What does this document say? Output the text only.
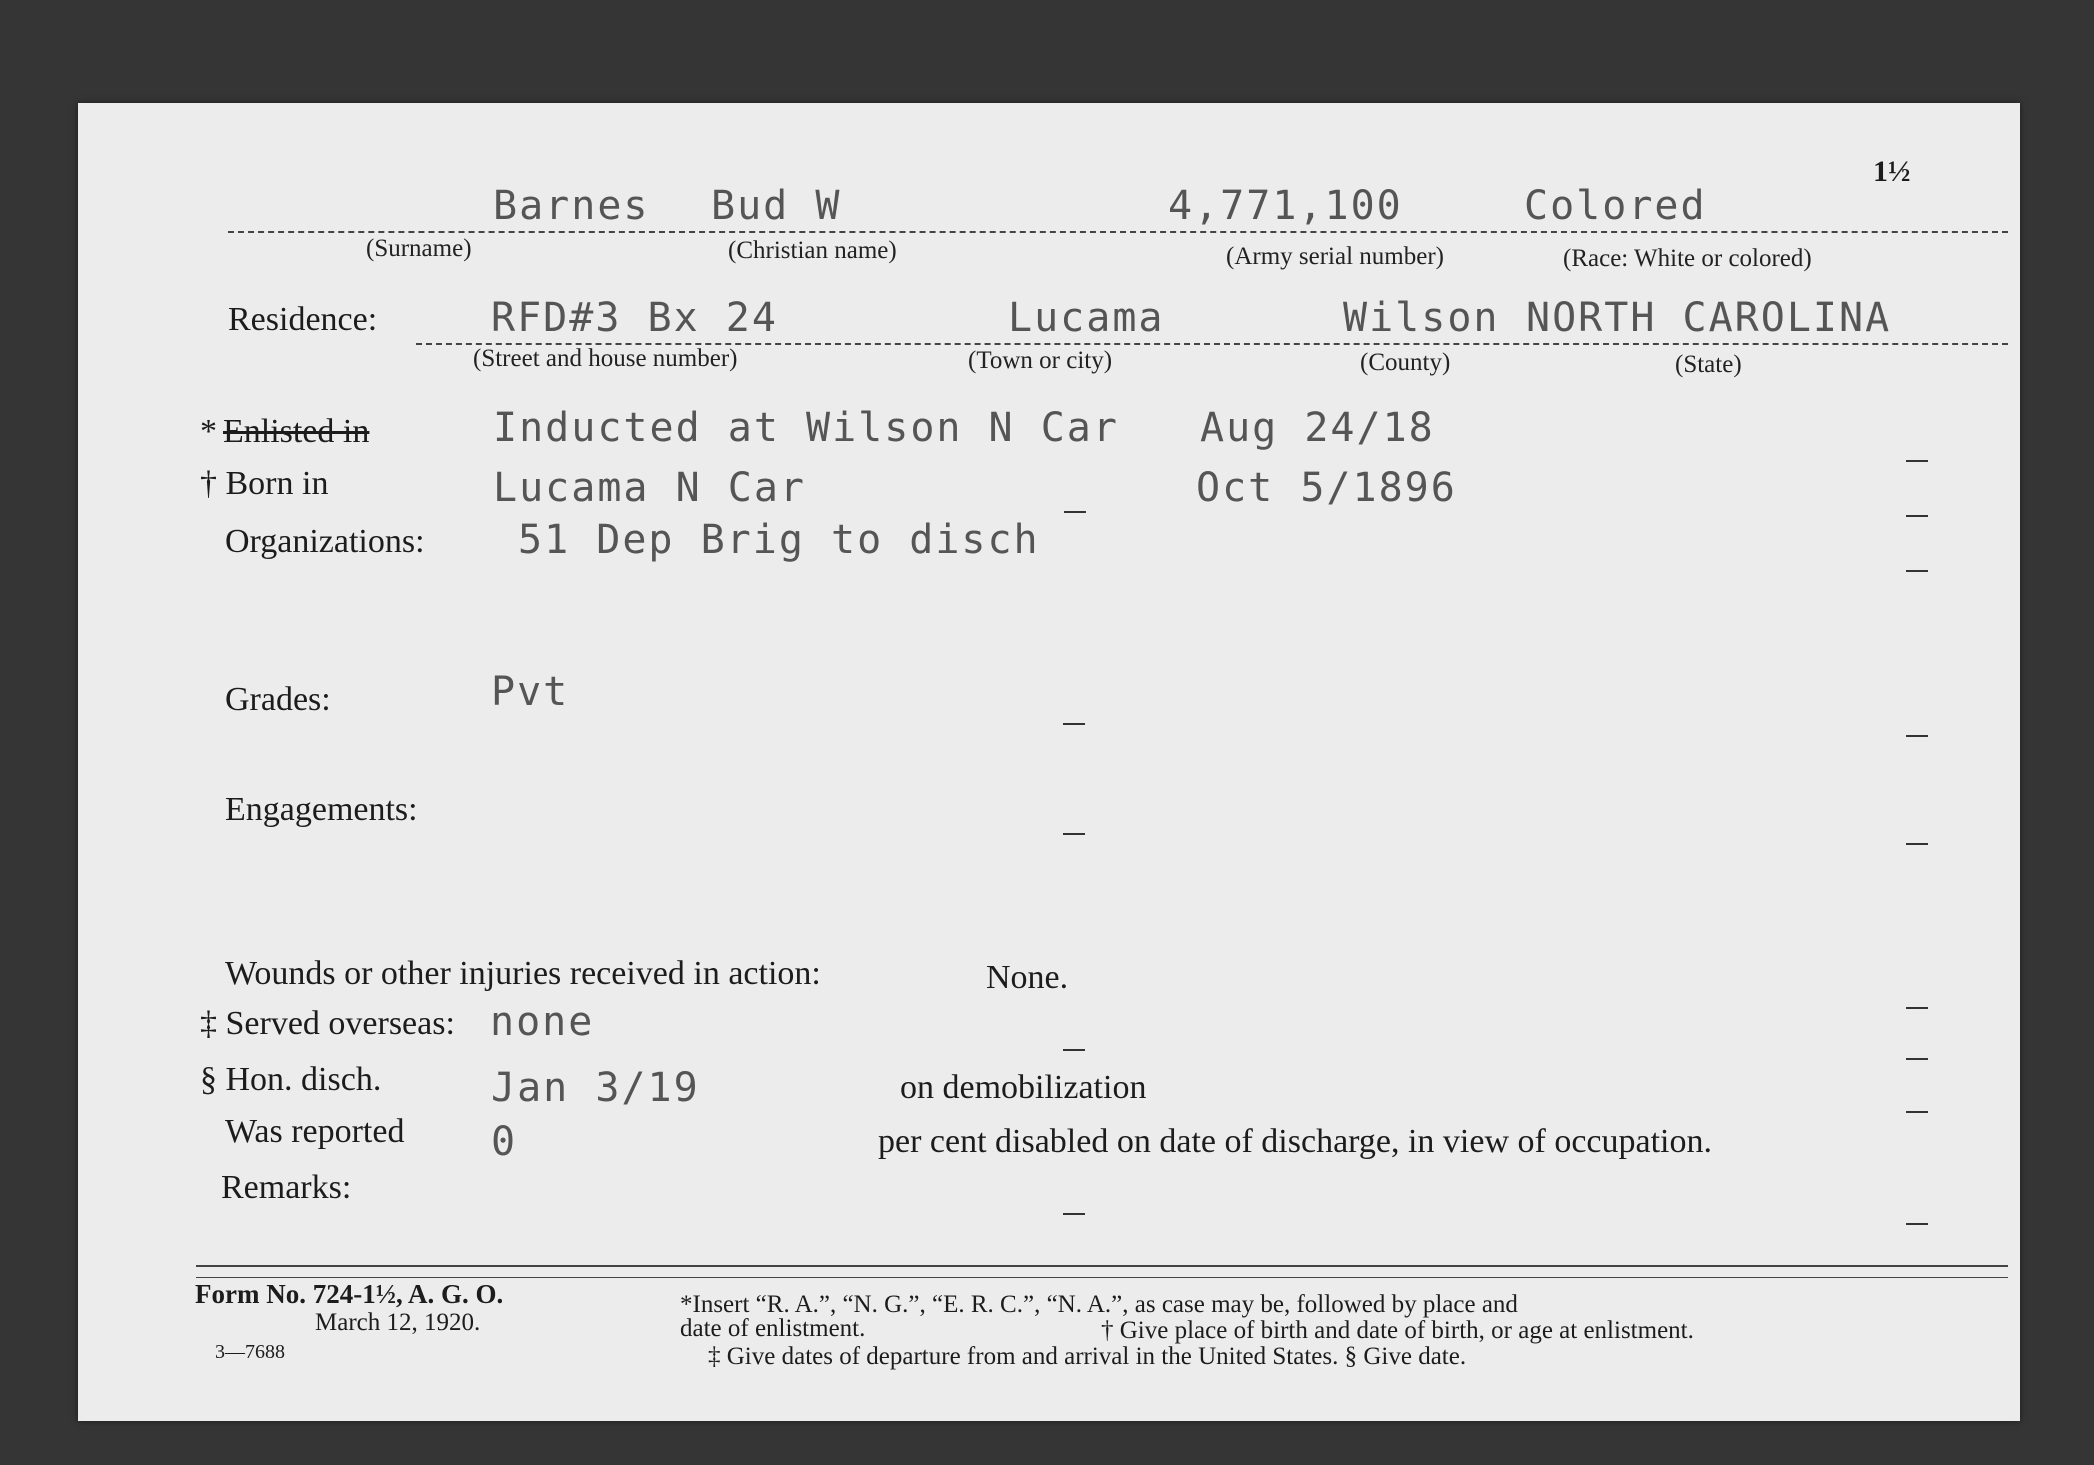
1½
Barnes Bud W	4,771,100	Colored
(Surname)	(Christian name)	(Army serial number)	(Race: White or colored)
Residence:	RFD#3 Bx 24	Lucama	Wilson NORTH CAROLINA
(Street and house number)	(Town or city)	(County)	(State)
* Enlisted in	Inducted at Wilson N Car Aug 24/18
† Born in	Lucama N Car	Oct 5/1896
Organizations: 51 Dep Brig to disch
Grades:	Pvt
Engagements:
Wounds or other injuries received in action:	None.
‡ Served overseas: none
§ Hon. disch.	Jan 3/19	on demobilization
Was reported 0	per cent disabled on date of discharge, in view of occupation.
Remarks:
Form No. 724-1½, A. G. O.
March 12, 1920.
3—7688
*Insert “R. A.”, “N. G.”, “E. R. C.”, “N. A.”, as case may be, followed by place and
date of enlistment.	† Give place of birth and date of birth, or age at enlistment.
‡ Give dates of departure from and arrival in the United States. § Give date.
